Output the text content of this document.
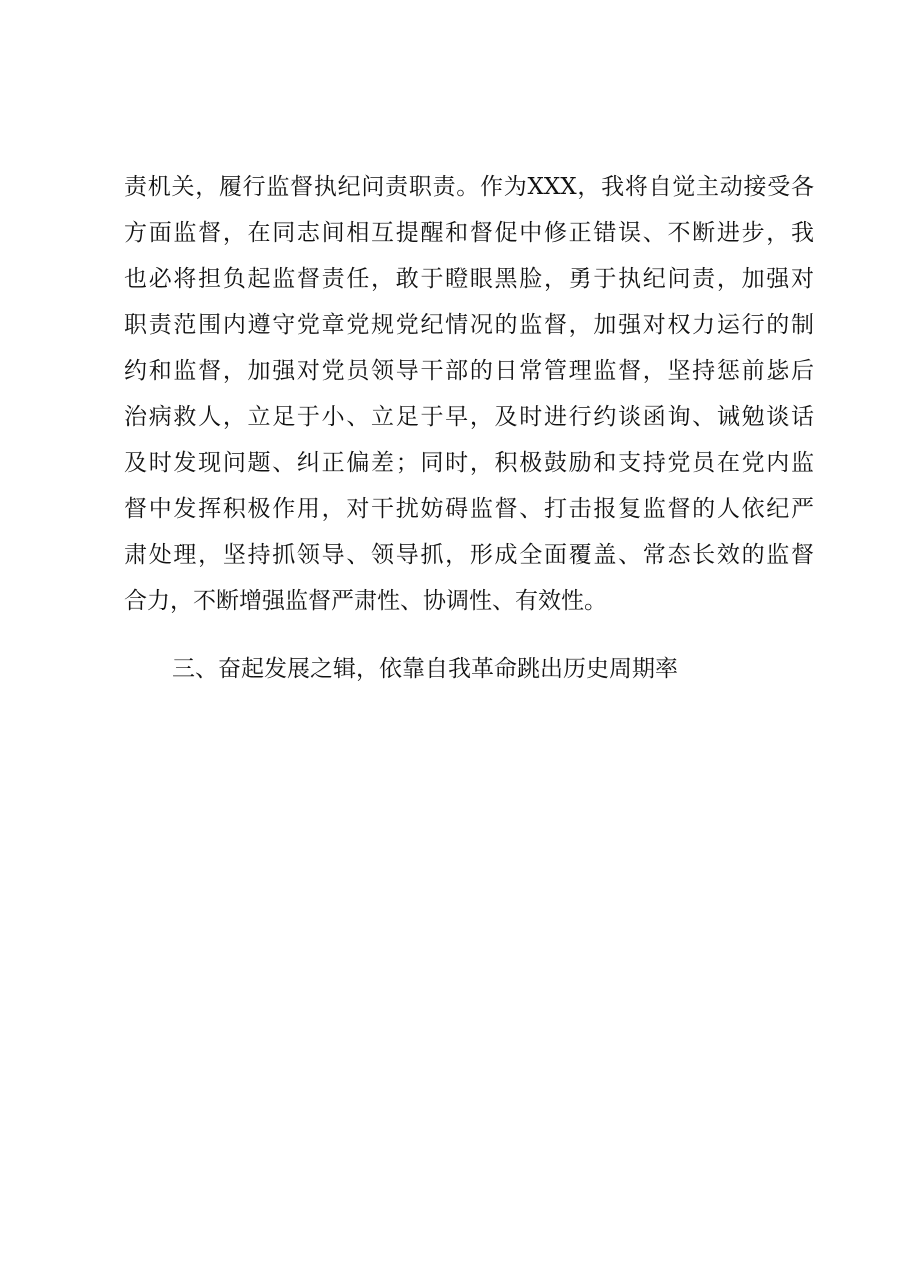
责机关，履行监督执纪问责职责。作为XXX，我将自觉主动接受各
方面监督，在同志间相互提醒和督促中修正错误、不断进步，我
也必将担负起监督责任，敢于瞪眼黑脸，勇于执纪问责，加强对
职责范围内遵守党章党规党纪情况的监督，加强对权力运行的制
约和监督，加强对党员领导干部的日常管理监督，坚持惩前毖后
治病救人，立足于小、立足于早，及时进行约谈函询、诫勉谈话
及时发现问题、纠正偏差；同时，积极鼓励和支持党员在党内监
督中发挥积极作用，对干扰妨碍监督、打击报复监督的人依纪严
肃处理，坚持抓领导、领导抓，形成全面覆盖、常态长效的监督
合力，不断增强监督严肃性、协调性、有效性。
三、奋起发展之辑，依靠自我革命跳出历史周期率
